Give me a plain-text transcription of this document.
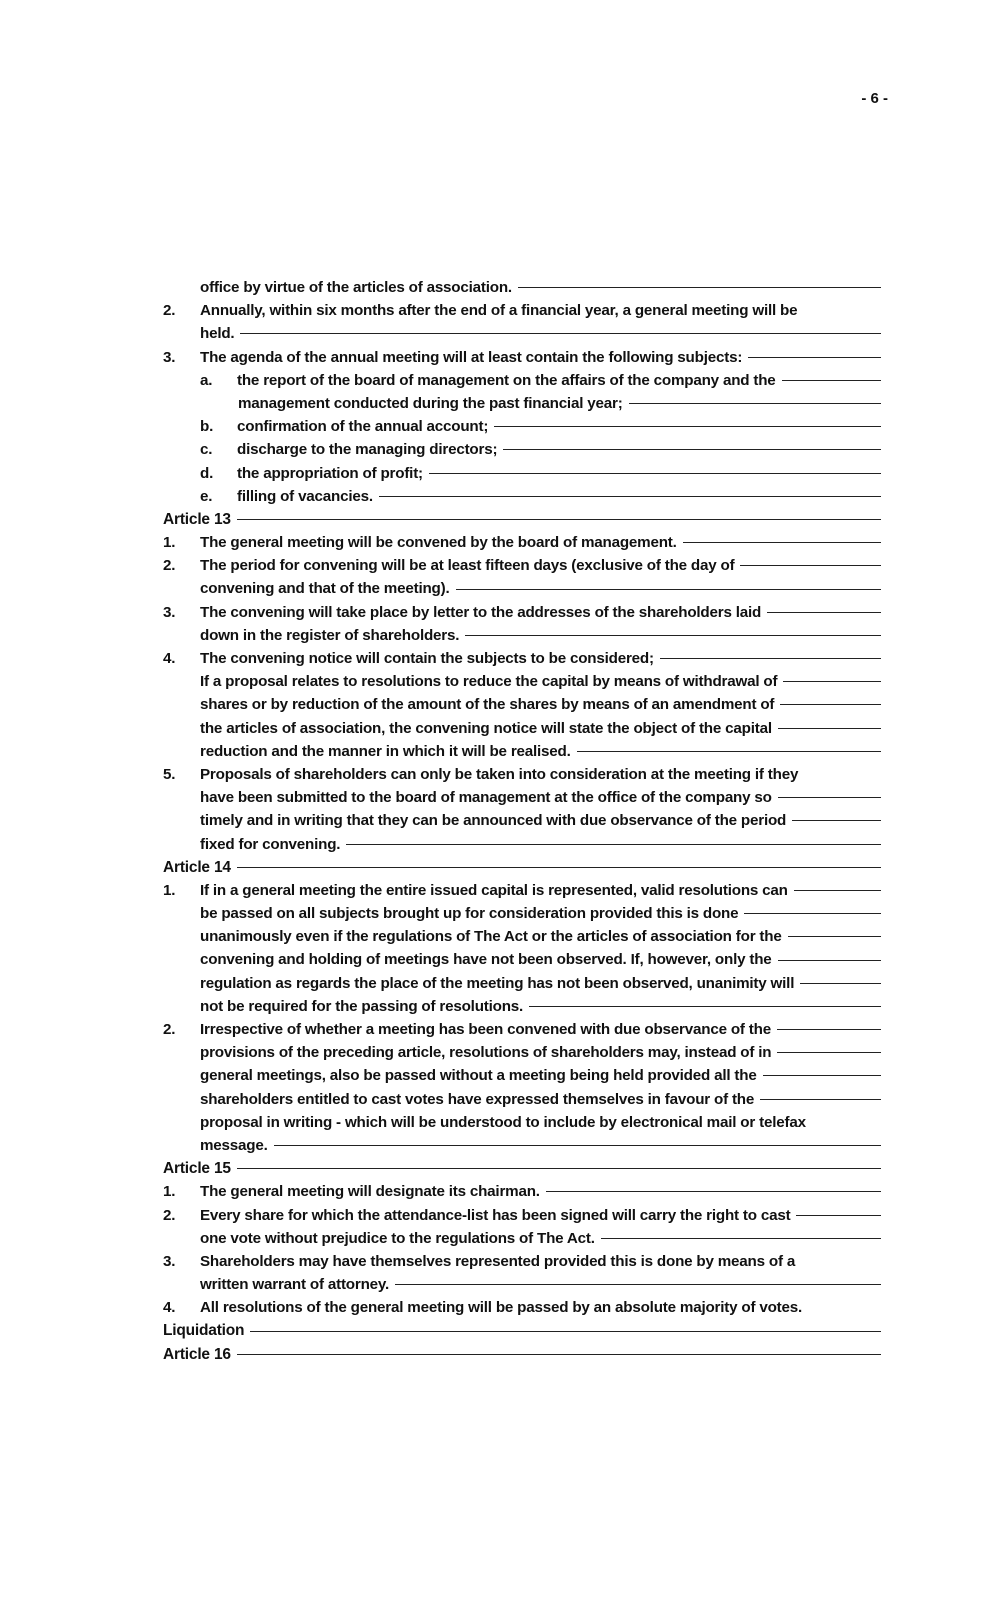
- 6 -
office by virtue of the articles of association.
2.	Annually, within six months after the end of a financial year, a general meeting will be
held.
3.	The agenda of the annual meeting will at least contain the following subjects:
a.	the report of the board of management on the affairs of the company and the
management conducted during the past financial year;
b.	confirmation of the annual account;
c.	discharge to the managing directors;
d.	the appropriation of profit;
e.	filling of vacancies.
Article 13
1.	The general meeting will be convened by the board of management.
2.	The period for convening will be at least fifteen days (exclusive of the day of
convening and that of the meeting).
3.	The convening will take place by letter to the addresses of the shareholders laid
down in the register of shareholders.
4.	The convening notice will contain the subjects to be considered;
If a proposal relates to resolutions to reduce the capital by means of withdrawal of
shares or by reduction of the amount of the shares by means of an amendment of
the articles of association, the convening notice will state the object of the capital
reduction and the manner in which it will be realised.
5.	Proposals of shareholders can only be taken into consideration at the meeting if they
have been submitted to the board of management at the office of the company so
timely and in writing that they can be announced with due observance of the period
fixed for convening.
Article 14
1.	If in a general meeting the entire issued capital is represented, valid resolutions can
be passed on all subjects brought up for consideration provided this is done
unanimously even if the regulations of The Act or the articles of association for the
convening and holding of meetings have not been observed. If, however, only the
regulation as regards the place of the meeting has not been observed, unanimity will
not be required for the passing of resolutions.
2.	Irrespective of whether a meeting has been convened with due observance of the
provisions of the preceding article, resolutions of shareholders may, instead of in
general meetings, also be passed without a meeting being held provided all the
shareholders entitled to cast votes have expressed themselves in favour of the
proposal in writing - which will be understood to include by electronical mail or telefax
message.
Article 15
1.	The general meeting will designate its chairman.
2.	Every share for which the attendance-list has been signed will carry the right to cast
one vote without prejudice to the regulations of The Act.
3.	Shareholders may have themselves represented provided this is done by means of a
written warrant of attorney.
4.	All resolutions of the general meeting will be passed by an absolute majority of votes.
Liquidation
Article 16
